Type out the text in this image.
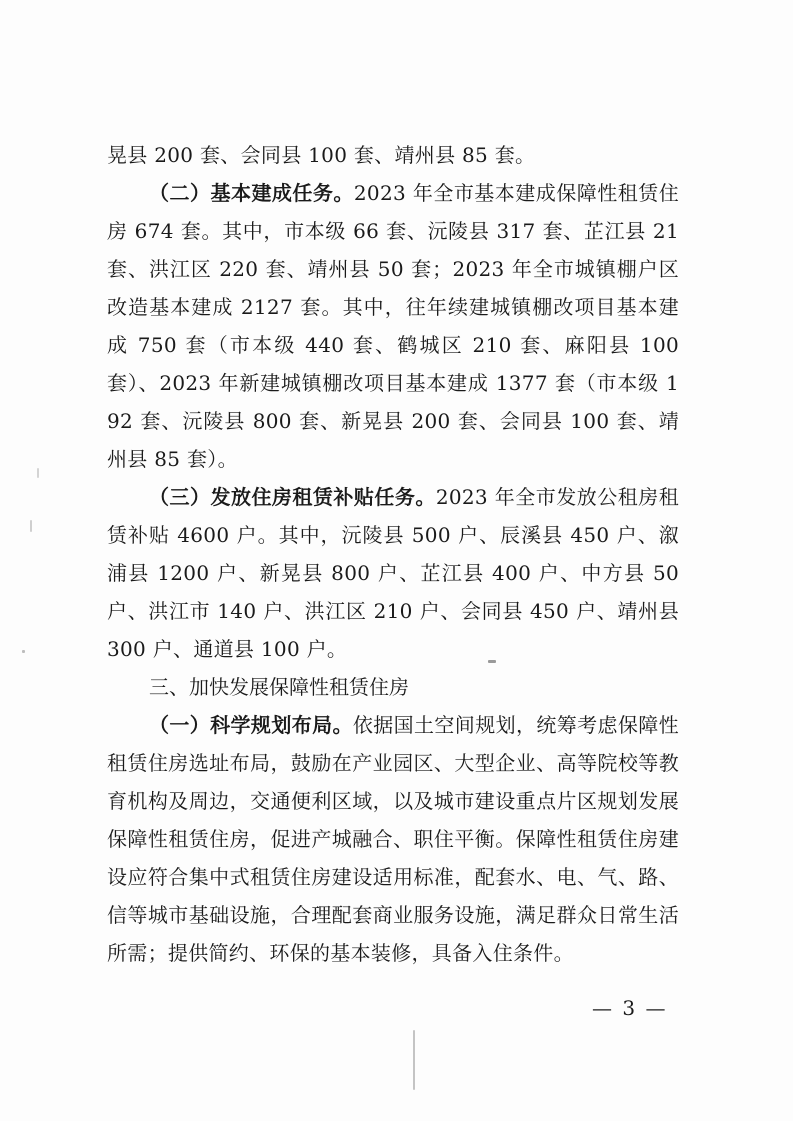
晃县 200 套、会同县 100 套、靖州县 85 套。

（二）基本建成任务。2023 年全市基本建成保障性租赁住房 674 套。其中，市本级 66 套、沅陵县 317 套、芷江县 21 套、洪江区 220 套、靖州县 50 套；2023 年全市城镇棚户区改造基本建成 2127 套。其中，往年续建城镇棚改项目基本建成 750 套（市本级 440 套、鹤城区 210 套、麻阳县 100 套）、2023 年新建城镇棚改项目基本建成 1377 套（市本级 192 套、沅陵县 800 套、新晃县 200 套、会同县 100 套、靖州县 85 套）。

（三）发放住房租赁补贴任务。2023 年全市发放公租房租赁补贴 4600 户。其中，沅陵县 500 户、辰溪县 450 户、溆浦县 1200 户、新晃县 800 户、芷江县 400 户、中方县 50 户、洪江市 140 户、洪江区 210 户、会同县 450 户、靖州县 300 户、通道县 100 户。

三、加快发展保障性租赁住房

（一）科学规划布局。依据国土空间规划，统筹考虑保障性租赁住房选址布局，鼓励在产业园区、大型企业、高等院校等教育机构及周边，交通便利区域，以及城市建设重点片区规划发展保障性租赁住房，促进产城融合、职住平衡。保障性租赁住房建设应符合集中式租赁住房建设适用标准，配套水、电、气、路、信等城市基础设施，合理配套商业服务设施，满足群众日常生活所需；提供简约、环保的基本装修，具备入住条件。

— 3 —
